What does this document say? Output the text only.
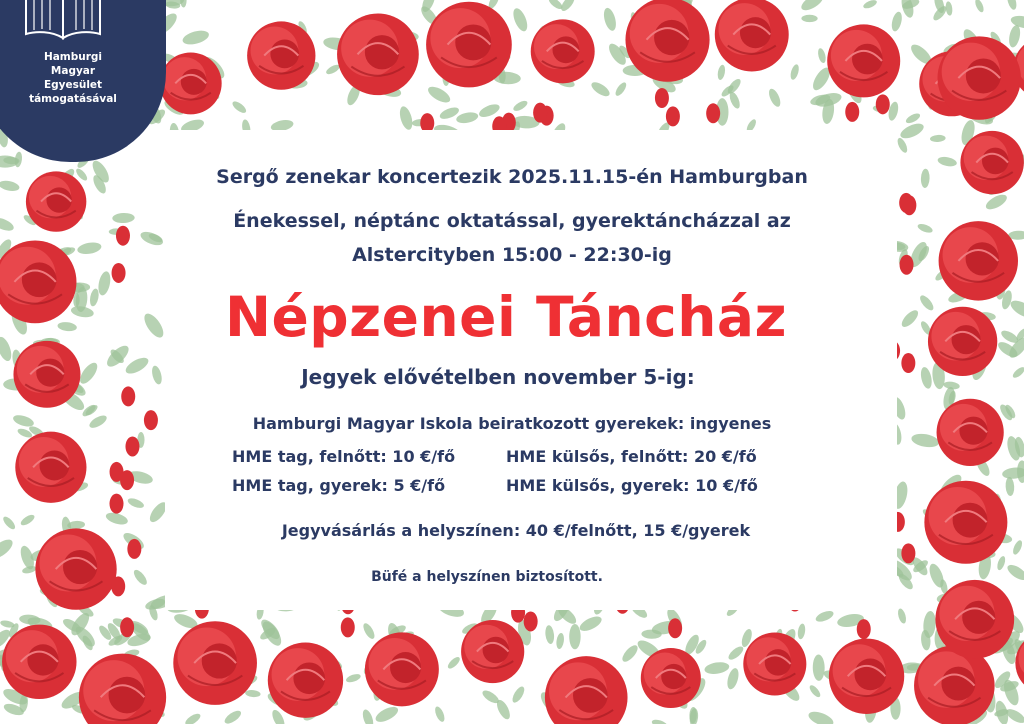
Hamburgi
Magyar
Egyesület
támogatásával
Sergő zenekar koncertezik 2025.11.15-én Hamburgban
Énekessel, néptánc oktatással, gyerektáncházzal az
Alstercityben 15:00 - 22:30-ig
Népzenei Táncház
Jegyek elővételben november 5-ig:
Hamburgi Magyar Iskola beiratkozott gyerekek: ingyenes
HME tag, felnőtt: 10 €/fő
HME tag, gyerek: 5 €/fő
HME külsős, felnőtt: 20 €/fő
HME külsős, gyerek: 10 €/fő
Jegyvásárlás a helyszínen: 40 €/felnőtt, 15 €/gyerek
Büfé a helyszínen biztosított.
